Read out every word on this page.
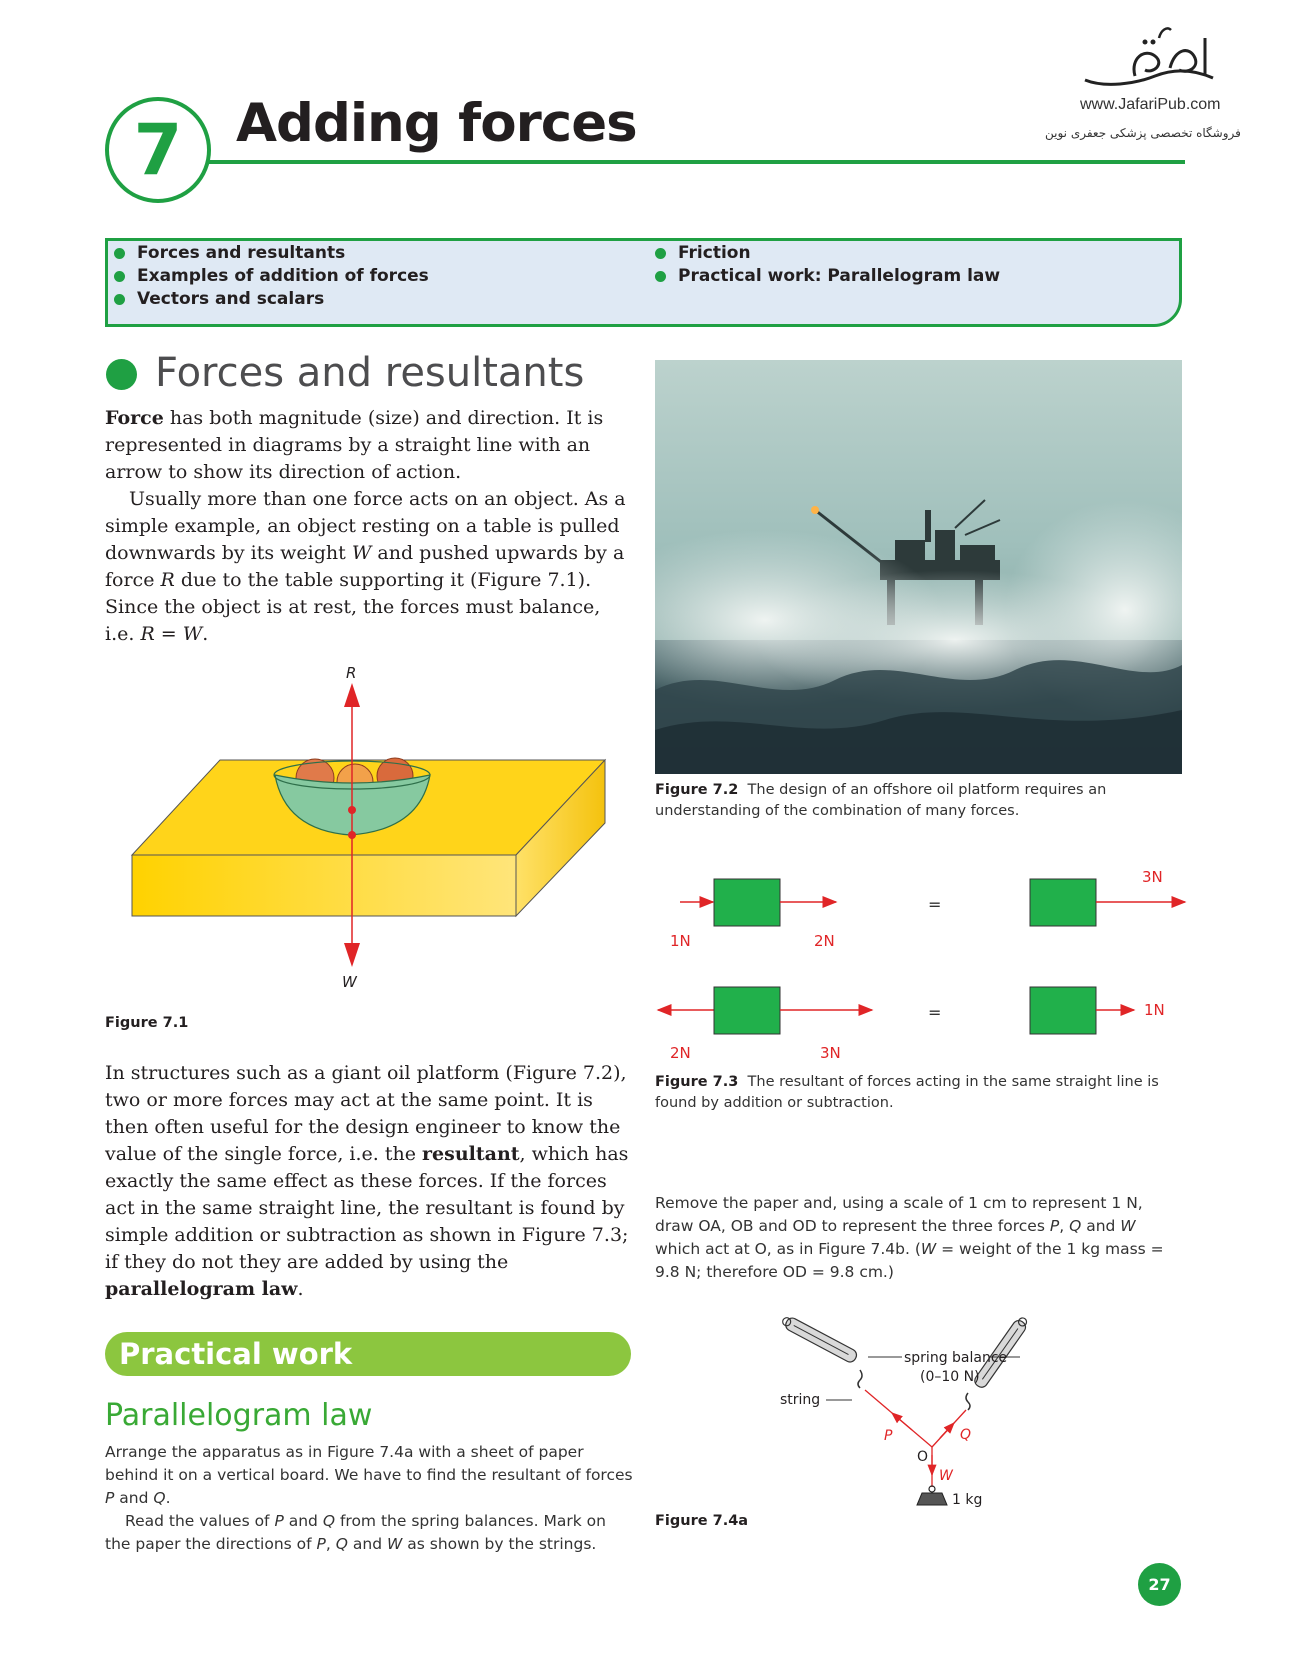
www.JafariPub.com
فروشگاه تخصصی پزشکی جعفری نوین
7 Adding forces
Forces and resultants
Examples of addition of forces
Vectors and scalars
Friction
Practical work: Parallelogram law
Forces and resultants

Force has both magnitude (size) and direction. It is represented in diagrams by a straight line with an arrow to show its direction of action.

Usually more than one force acts on an object. As a simple example, an object resting on a table is pulled downwards by its weight W and pushed upwards by a force R due to the table supporting it (Figure 7.1). Since the object is at rest, the forces must balance, i.e. R = W.

R
W
Figure 7.1

In structures such as a giant oil platform (Figure 7.2), two or more forces may act at the same point. It is then often useful for the design engineer to know the value of the single force, i.e. the resultant, which has exactly the same effect as these forces. If the forces act in the same straight line, the resultant is found by simple addition or subtraction as shown in Figure 7.3; if they do not they are added by using the parallelogram law.

Practical work
Parallelogram law

Arrange the apparatus as in Figure 7.4a with a sheet of paper behind it on a vertical board. We have to find the resultant of forces P and Q.

Read the values of P and Q from the spring balances. Mark on the paper the directions of P, Q and W as shown by the strings.

Figure 7.2 The design of an offshore oil platform requires an understanding of the combination of many forces.
1N	2N
=
3N
2N	3N
=	1N
Figure 7.3 The resultant of forces acting in the same straight line is found by addition or subtraction.

Remove the paper and, using a scale of 1 cm to represent 1 N, draw OA, OB and OD to represent the three forces P, Q and W which act at O, as in Figure 7.4b. (W = weight of the 1 kg mass = 9.8 N; therefore OD = 9.8 cm.)

spring balance
(0–10 N)
string
P	Q
O
W
1 kg
Figure 7.4a
27
